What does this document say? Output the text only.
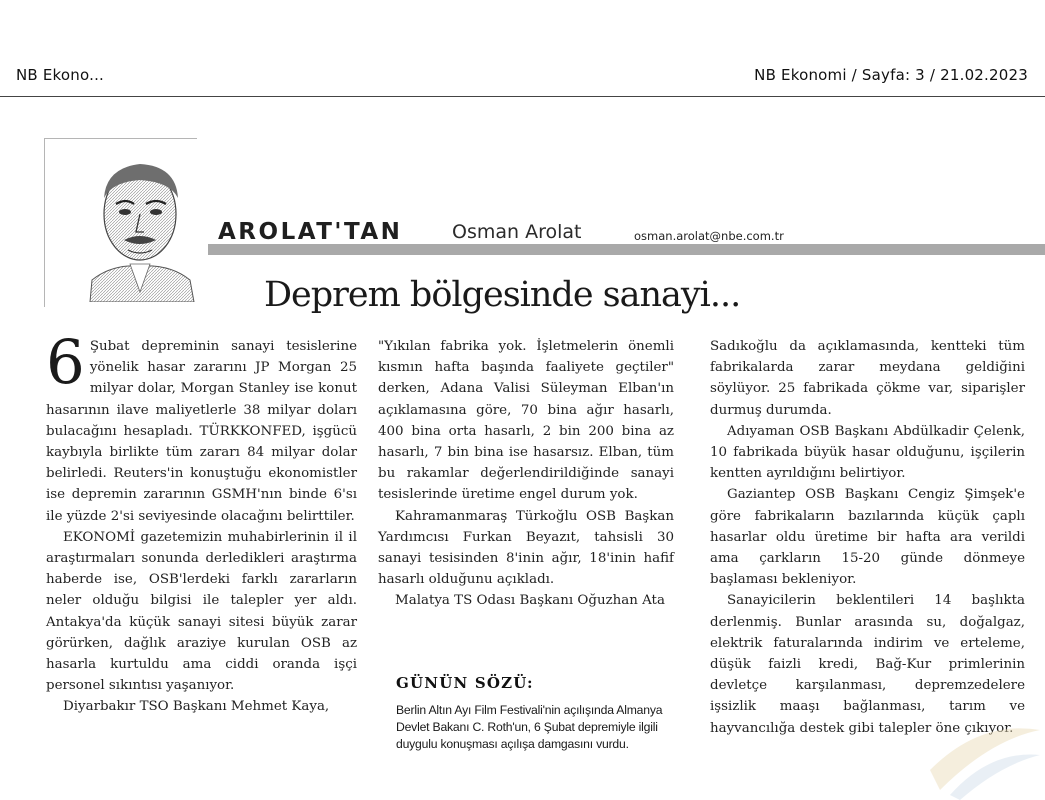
NB Ekono...	NB Ekonomi / Sayfa: 3 / 21.02.2023
AROLAT'TAN	Osman Arolat	osman.arolat@nbe.com.tr
Deprem bölgesinde sanayi...

6 Şubat depreminin sanayi tesislerine yönelik hasar zararını JP Morgan 25 milyar dolar, Morgan Stanley ise konut hasarının ilave maliyetlerle 38 milyar doları bulacağını hesapladı. TÜRKKONFED, işgücü kaybıyla birlikte tüm zararı 84 milyar dolar belirledi. Reuters'in konuştuğu ekonomistler ise depremin zararının GSMH'nın binde 6'sı ile yüzde 2'si seviyesinde olacağını belirttiler.

EKONOMİ gazetemizin muhabirlerinin il il araştırmaları sonunda derledikleri araştırma haberde ise, OSB'lerdeki farklı zararların neler olduğu bilgisi ile talepler yer aldı. Antakya'da küçük sanayi sitesi büyük zarar görürken, dağlık araziye kurulan OSB az hasarla kurtuldu ama ciddi oranda işçi personel sıkıntısı yaşanıyor.

Diyarbakır TSO Başkanı Mehmet Kaya,

"Yıkılan fabrika yok. İşletmelerin önemli kısmın hafta başında faaliyete geçtiler" derken, Adana Valisi Süleyman Elban'ın açıklamasına göre, 70 bina ağır hasarlı, 400 bina orta hasarlı, 2 bin 200 bina az hasarlı, 7 bin bina ise hasarsız. Elban, tüm bu rakamlar değerlendirildiğinde sanayi tesislerinde üretime engel durum yok.

Kahramanmaraş Türkoğlu OSB Başkan Yardımcısı Furkan Beyazıt, tahsisli 30 sanayi tesisinden 8'inin ağır, 18'inin hafif hasarlı olduğunu açıkladı.

Malatya TS Odası Başkanı Oğuzhan Ata

GÜNÜN SÖZÜ:
Berlin Altın Ayı Film Festivali'nin açılışında Almanya Devlet Bakanı C. Roth'un, 6 Şubat depremiyle ilgili duygulu konuşması açılışa damgasını vurdu.

Sadıkoğlu da açıklamasında, kentteki tüm fabrikalarda zarar meydana geldiğini söylüyor. 25 fabrikada çökme var, siparişler durmuş durumda.

Adıyaman OSB Başkanı Abdülkadir Çelenk, 10 fabrikada büyük hasar olduğunu, işçilerin kentten ayrıldığını belirtiyor.

Gaziantep OSB Başkanı Cengiz Şimşek'e göre fabrikaların bazılarında küçük çaplı hasarlar oldu üretime bir hafta ara verildi ama çarkların 15-20 günde dönmeye başlaması bekleniyor.

Sanayicilerin beklentileri 14 başlıkta derlenmiş. Bunlar arasında su, doğalgaz, elektrik faturalarında indirim ve erteleme, düşük faizli kredi, Bağ-Kur primlerinin devletçe karşılanması, depremzedelere işsizlik maaşı bağlanması, tarım ve hayvancılığa destek gibi talepler öne çıkıyor.
